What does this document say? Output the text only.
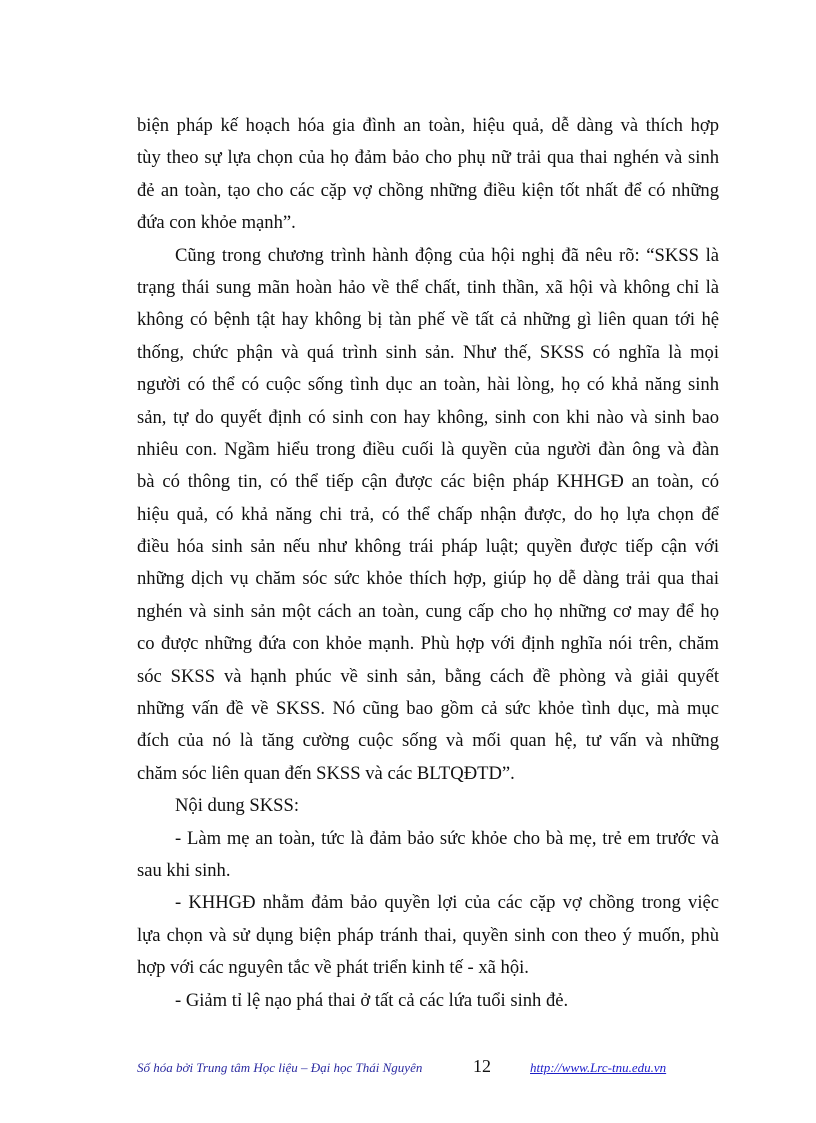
biện pháp kế hoạch hóa gia đình an toàn, hiệu quả, dễ dàng và thích hợp
tùy theo sự lựa chọn của họ đảm bảo cho phụ nữ trải qua thai nghén và sinh
đẻ an toàn, tạo cho các cặp vợ chồng những điều kiện tốt nhất để có những
đứa con khỏe mạnh”.
Cũng trong chương trình hành động của hội nghị đã nêu rõ: “SKSS là
trạng thái sung mãn hoàn hảo về thể chất, tinh thần, xã hội và không chỉ là
không có bệnh tật hay không bị tàn phế về tất cả những gì liên quan tới hệ
thống, chức phận và quá trình sinh sản. Như thế, SKSS có nghĩa là mọi
người có thể có cuộc sống tình dục an toàn, hài lòng, họ có khả năng sinh
sản, tự do quyết định có sinh con hay không, sinh con khi nào và sinh bao
nhiêu con. Ngầm hiểu trong điều cuối là quyền của người đàn ông và đàn
bà có thông tin, có thể tiếp cận được các biện pháp KHHGĐ an toàn, có
hiệu quả, có khả năng chi trả, có thể chấp nhận được, do họ lựa chọn để
điều hóa sinh sản nếu như không trái pháp luật; quyền được tiếp cận với
những dịch vụ chăm sóc sức khỏe thích hợp, giúp họ dễ dàng trải qua thai
nghén và sinh sản một cách an toàn, cung cấp cho họ những cơ may để họ
co được những đứa con khỏe mạnh. Phù hợp với định nghĩa nói trên, chăm
sóc SKSS và hạnh phúc về sinh sản, bằng cách đề phòng và giải quyết
những vấn đề về SKSS. Nó cũng bao gồm cả sức khỏe tình dục, mà mục
đích của nó là tăng cường cuộc sống và mối quan hệ, tư vấn và những
chăm sóc liên quan đến SKSS và các BLTQĐTD”.
Nội dung SKSS:
- Làm mẹ an toàn, tức là đảm bảo sức khỏe cho bà mẹ, trẻ em trước và
sau khi sinh.
- KHHGĐ nhằm đảm bảo quyền lợi của các cặp vợ chồng trong việc
lựa chọn và sử dụng biện pháp tránh thai, quyền sinh con theo ý muốn, phù
hợp với các nguyên tắc về phát triển kinh tế - xã hội.
- Giảm tỉ lệ nạo phá thai ở tất cả các lứa tuổi sinh đẻ.
Số hóa bởi Trung tâm Học liệu – Đại học Thái Nguyên	12	http://www.Lrc-tnu.edu.vn
